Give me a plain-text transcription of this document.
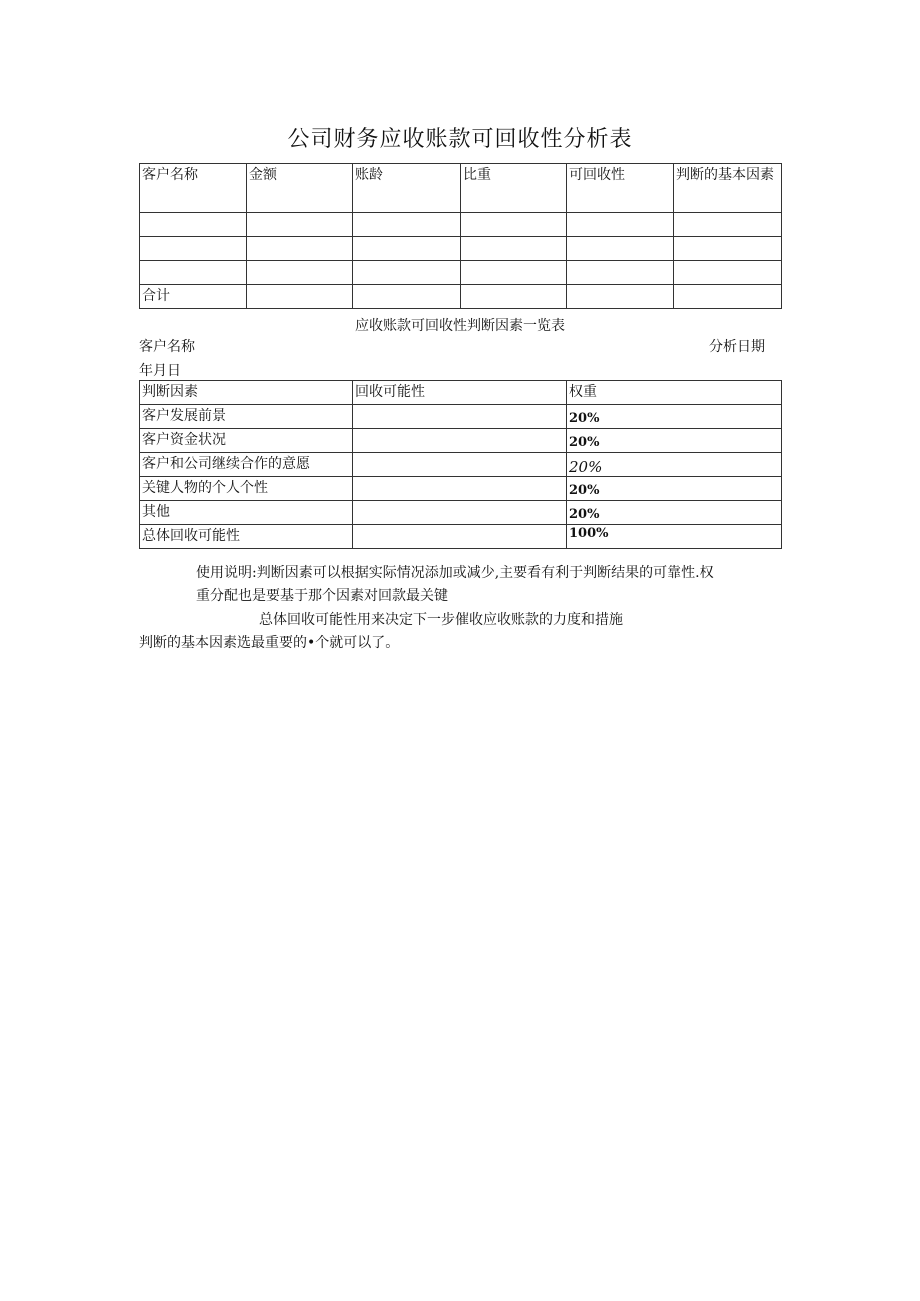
公司财务应收账款可回收性分析表
客户名称	金额	账龄	比重	可回收性	判断的基本因素

合计					
应收账款可回收性判断因素一览表
客户名称	分析日期
年月日
判断因素	回收可能性	权重
客户发展前景		20%
客户资金状况		20%
客户和公司继续合作的意愿		20%
关键人物的个人个性		20%
其他		20%
总体回收可能性		100%
使用说明:判断因素可以根据实际情况添加或减少,主要看有利于判断结果的可靠性.权
重分配也是要基于那个因素对回款最关键
总体回收可能性用来决定下一步催收应收账款的力度和措施
判断的基本因素选最重要的•个就可以了。
